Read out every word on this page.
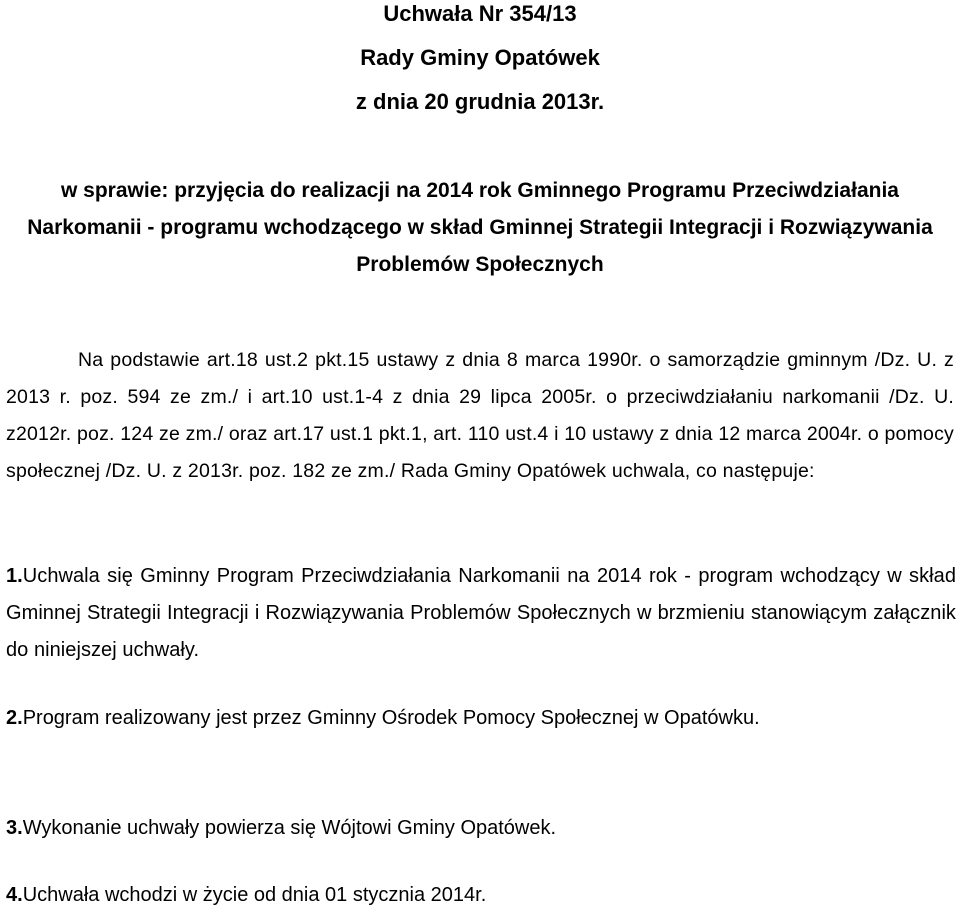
Uchwała Nr 354/13
Rady Gminy Opatówek
z dnia 20 grudnia 2013r.
w sprawie: przyjęcia do realizacji na 2014 rok Gminnego Programu Przeciwdziałania Narkomanii - programu wchodzącego w skład Gminnej Strategii Integracji i Rozwiązywania Problemów Społecznych
Na podstawie art.18 ust.2 pkt.15 ustawy z dnia 8 marca 1990r. o samorządzie gminnym /Dz. U. z 2013 r. poz. 594 ze zm./ i art.10 ust.1-4 z dnia 29 lipca 2005r. o przeciwdziałaniu narkomanii /Dz. U. z2012r. poz. 124 ze zm./ oraz art.17 ust.1 pkt.1, art. 110 ust.4 i 10 ustawy z dnia 12 marca 2004r. o pomocy społecznej /Dz. U. z 2013r. poz. 182 ze zm./ Rada Gminy Opatówek uchwala, co następuje:
1.Uchwala się Gminny Program Przeciwdziałania Narkomanii na 2014 rok - program wchodzący w skład Gminnej Strategii Integracji i Rozwiązywania Problemów Społecznych w brzmieniu stanowiącym załącznik do niniejszej uchwały.
2.Program realizowany jest przez Gminny Ośrodek Pomocy Społecznej w Opatówku.
3.Wykonanie uchwały powierza się Wójtowi Gminy Opatówek.
4.Uchwała wchodzi w życie od dnia 01 stycznia 2014r.
